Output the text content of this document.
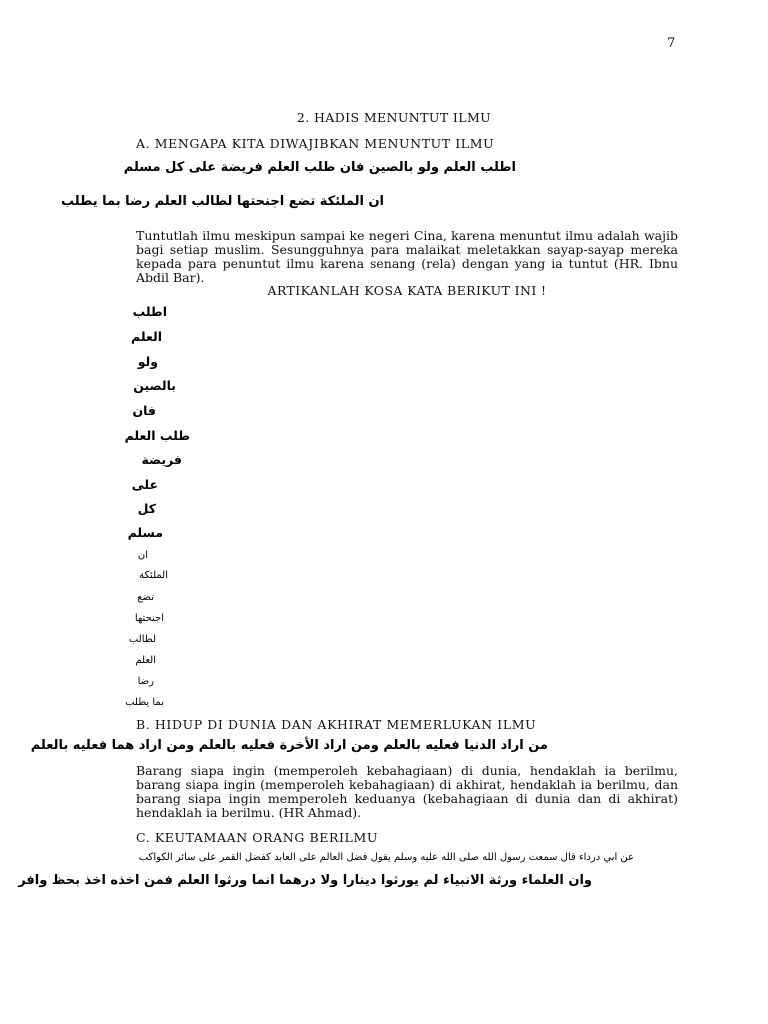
7
2. HADIS MENUNTUT ILMU
A. MENGAPA KITA DIWAJIBKAN MENUNTUT ILMU
اطلب العلم ولو بالصين فان طلب العلم فريضة على كل مسلم
ان الملئكة تضع اجنحتها لطالب العلم رضا بما يطلب
Tuntutlah ilmu meskipun sampai ke negeri Cina, karena menuntut ilmu adalah wajib bagi setiap muslim. Sesungguhnya para malaikat meletakkan sayap-sayap mereka kepada para penuntut ilmu karena senang (rela) dengan yang ia tuntut (HR. Ibnu Abdil Bar).
ARTIKANLAH KOSA KATA BERIKUT INI !
اطلب
العلم
ولو
بالصين
فان
طلب العلم
فريضة
على
كل
مسلم
ان
الملئكة
تضع
اجنحتها
لطالب
العلم
رضا
بما يطلب
B. HIDUP DI DUNIA DAN AKHIRAT MEMERLUKAN ILMU
من اراد الدنيا فعليه بالعلم ومن اراد الأخرة فعليه بالعلم ومن اراد هما فعليه بالعلم
Barang siapa ingin (memperoleh kebahagiaan) di dunia, hendaklah ia berilmu, barang siapa ingin (memperoleh kebahagiaan) di akhirat, hendaklah ia berilmu, dan barang siapa ingin memperoleh keduanya (kebahagiaan di dunia dan di akhirat) hendaklah ia berilmu. (HR Ahmad).
C. KEUTAMAAN ORANG BERILMU
عن ابي درداء قال سمعت رسول الله صلى الله عليه وسلم يقول فضل العالم على العابد كفضل القمر على سائر الكواكب
وان العلماء ورثة الانبياء لم يورثوا دينارا ولا درهما انما ورثوا العلم فمن اخذه اخذ بحظ وافر
